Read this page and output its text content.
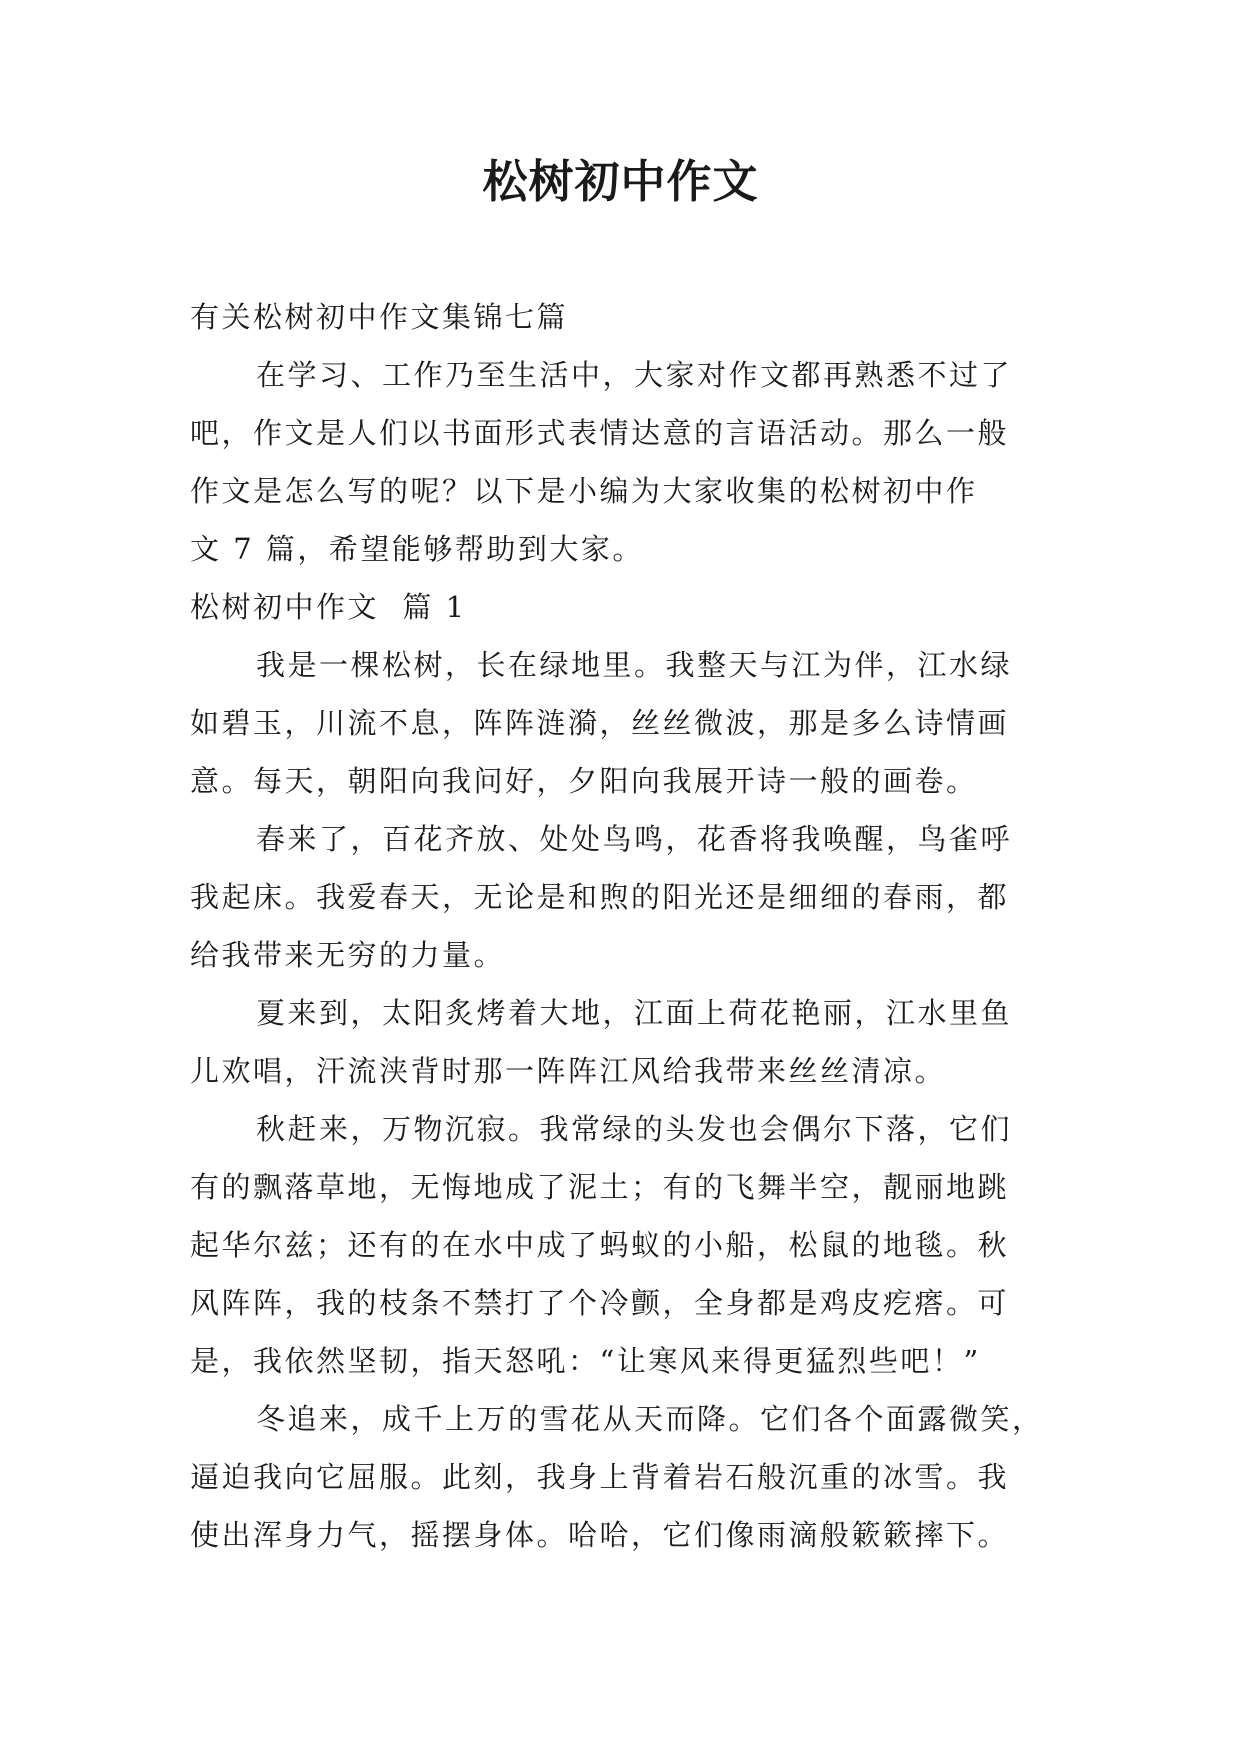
松树初中作文

有关松树初中作文集锦七篇

在学习、工作乃至生活中，大家对作文都再熟悉不过了

吧，作文是人们以书面形式表情达意的言语活动。那么一般

作文是怎么写的呢？以下是小编为大家收集的松树初中作

文 7 篇，希望能够帮助到大家。

松树初中作文  篇 1

我是一棵松树，长在绿地里。我整天与江为伴，江水绿

如碧玉，川流不息，阵阵涟漪，丝丝微波，那是多么诗情画

意。每天，朝阳向我问好，夕阳向我展开诗一般的画卷。

春来了，百花齐放、处处鸟鸣，花香将我唤醒，鸟雀呼

我起床。我爱春天，无论是和煦的阳光还是细细的春雨，都

给我带来无穷的力量。

夏来到，太阳炙烤着大地，江面上荷花艳丽，江水里鱼

儿欢唱，汗流浃背时那一阵阵江风给我带来丝丝清凉。

秋赶来，万物沉寂。我常绿的头发也会偶尔下落，它们

有的飘落草地，无悔地成了泥土；有的飞舞半空，靓丽地跳

起华尔兹；还有的在水中成了蚂蚁的小船，松鼠的地毯。秋

风阵阵，我的枝条不禁打了个冷颤，全身都是鸡皮疙瘩。可

是，我依然坚韧，指天怒吼：“让寒风来得更猛烈些吧！”

冬追来，成千上万的雪花从天而降。它们各个面露微笑，

逼迫我向它屈服。此刻，我身上背着岩石般沉重的冰雪。我

使出浑身力气，摇摆身体。哈哈，它们像雨滴般簌簌摔下。
